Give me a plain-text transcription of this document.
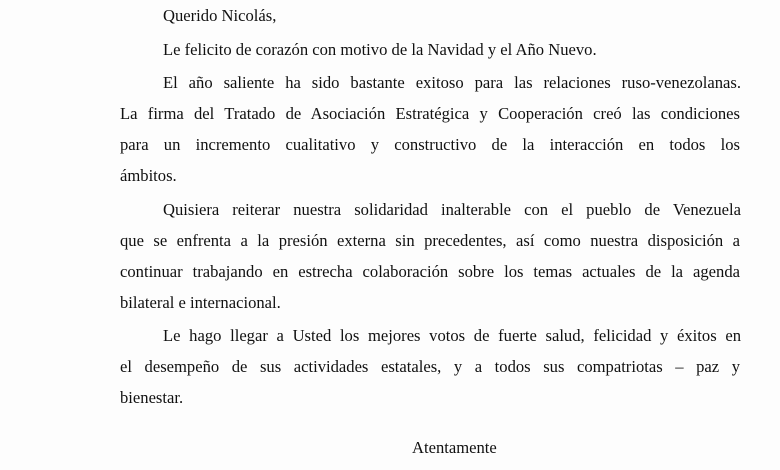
Querido Nicolás,

Le felicito de corazón con motivo de la Navidad y el Año Nuevo.

El año saliente ha sido bastante exitoso para las relaciones ruso-venezolanas.

La firma del Tratado de Asociación Estratégica y Cooperación creó las condiciones

para un incremento cualitativo y constructivo de la interacción en todos los

ámbitos.

Quisiera reiterar nuestra solidaridad inalterable con el pueblo de Venezuela

que se enfrenta a la presión externa sin precedentes, así como nuestra disposición a

continuar trabajando en estrecha colaboración sobre los temas actuales de la agenda

bilateral e internacional.

Le hago llegar a Usted los mejores votos de fuerte salud, felicidad y éxitos en

el desempeño de sus actividades estatales, y a todos sus compatriotas – paz y

bienestar.

Atentamente
